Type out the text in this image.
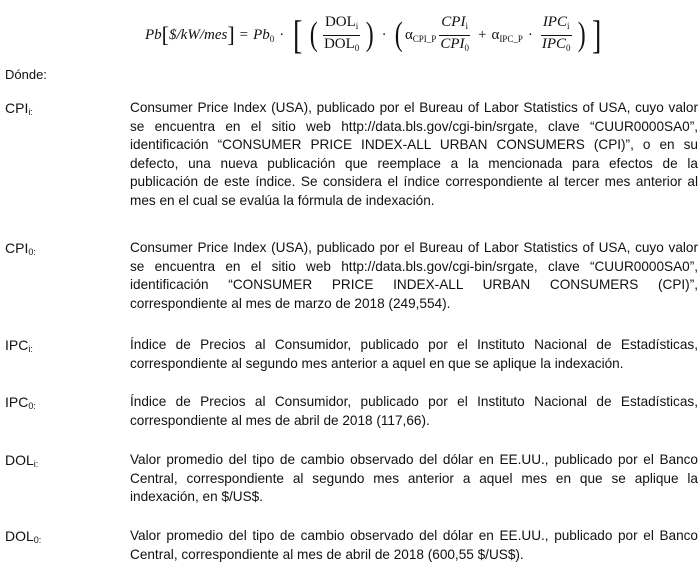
Pb [ $/kW/mes ] = $Pb_0$ · [ ( $\frac{DOL_i}{DOL_0}$ ) · ( $\alpha_{CPI\_P} \frac{CPI_i}{CPI_0} + \alpha_{IPC\_P} \cdot \frac{IPC_i}{IPC_0}$ ) ]
Dónde:
CPIi:	Consumer Price Index (USA), publicado por el Bureau of Labor Statistics of USA, cuyo valor se encuentra en el sitio web http://data.bls.gov/cgi-bin/srgate, clave “CUUR0000SA0”, identificación “CONSUMER PRICE INDEX-ALL URBAN CONSUMERS (CPI)”, o en su defecto, una nueva publicación que reemplace a la mencionada para efectos de la publicación de este índice. Se considera el índice correspondiente al tercer mes anterior al mes en el cual se evalúa la fórmula de indexación.
CPI0:	Consumer Price Index (USA), publicado por el Bureau of Labor Statistics of USA, cuyo valor se encuentra en el sitio web http://data.bls.gov/cgi-bin/srgate, clave “CUUR0000SA0”, identificación “CONSUMER PRICE INDEX-ALL URBAN CONSUMERS (CPI)”, correspondiente al mes de marzo de 2018 (249,554).
IPCi:	Índice de Precios al Consumidor, publicado por el Instituto Nacional de Estadísticas, correspondiente al segundo mes anterior a aquel en que se aplique la indexación.
IPC0:	Índice de Precios al Consumidor, publicado por el Instituto Nacional de Estadísticas, correspondiente al mes de abril de 2018 (117,66).
DOLi:	Valor promedio del tipo de cambio observado del dólar en EE.UU., publicado por el Banco Central, correspondiente al segundo mes anterior a aquel mes en que se aplique la indexación, en $/US$.
DOL0:	Valor promedio del tipo de cambio observado del dólar en EE.UU., publicado por el Banco Central, correspondiente al mes de abril de 2018 (600,55 $/US$).
